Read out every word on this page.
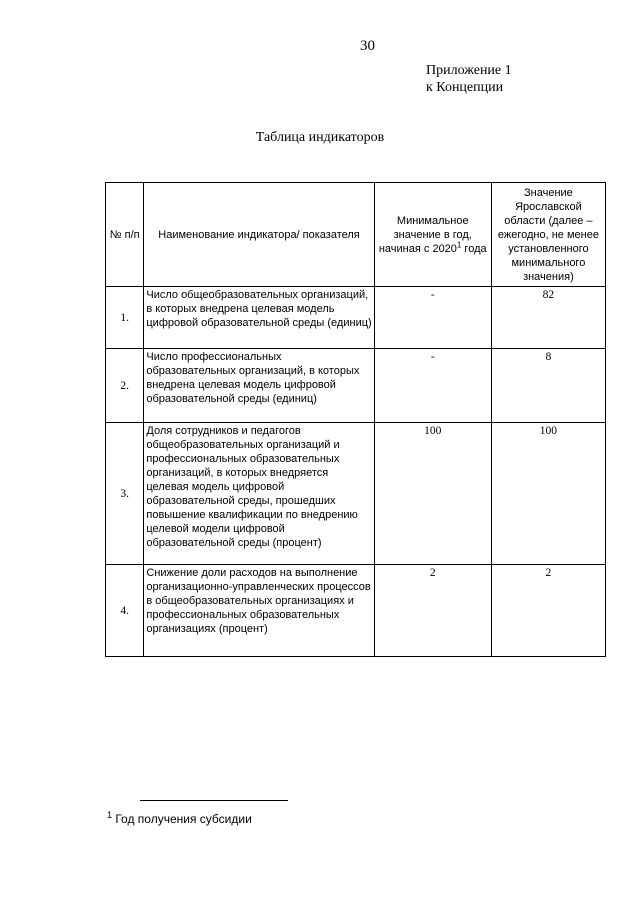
30
Приложение 1
к Концепции
Таблица индикаторов
№ п/п	Наименование индикатора/ показателя	Минимальное значение в год, начиная с 2020$^1$ года	Значение Ярославской области (далее – ежегодно, не менее установленного минимального значения)
1.	Число общеобразовательных организаций, в которых внедрена целевая модель цифровой образовательной среды (единиц)	-	82
2.	Число профессиональных образовательных организаций, в которых внедрена целевая модель цифровой образовательной среды (единиц)	-	8
3.	Доля сотрудников и педагогов общеобразовательных организаций и профессиональных образовательных организаций, в которых внедряется целевая модель цифровой образовательной среды, прошедших повышение квалификации по внедрению целевой модели цифровой образовательной среды (процент)	100	100
4.	Снижение доли расходов на выполнение организационно-управленческих процессов в общеобразовательных организациях и профессиональных образовательных организациях (процент)	2	2
$^1$ Год получения субсидии
